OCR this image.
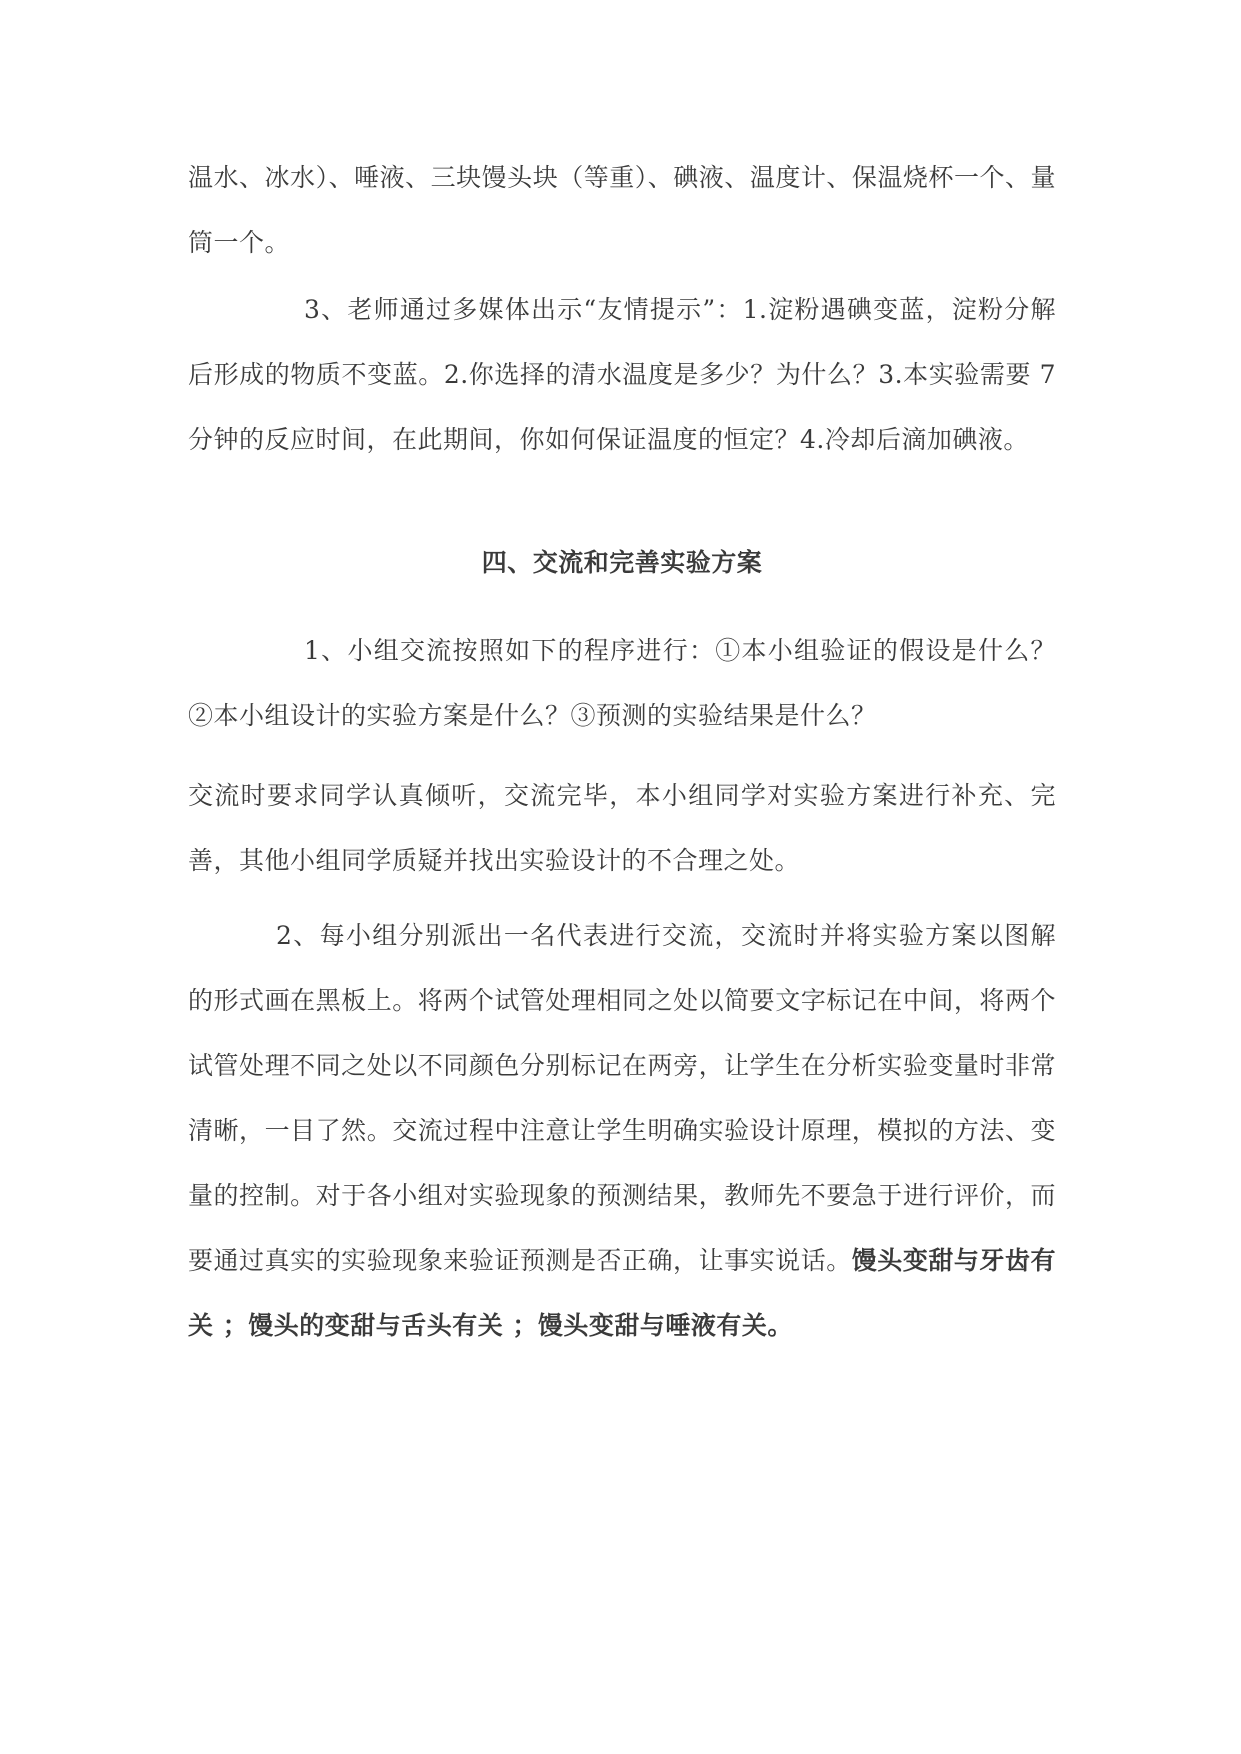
温水、冰水）、唾液、三块馒头块（等重）、碘液、温度计、保温烧杯一个、量筒一个。

3、老师通过多媒体出示“友情提示”：1.淀粉遇碘变蓝，淀粉分解后形成的物质不变蓝。2.你选择的清水温度是多少？为什么？3.本实验需要 7 分钟的反应时间，在此期间，你如何保证温度的恒定？4.冷却后滴加碘液。

四、交流和完善实验方案

1、小组交流按照如下的程序进行：①本小组验证的假设是什么？②本小组设计的实验方案是什么？③预测的实验结果是什么？

交流时要求同学认真倾听，交流完毕，本小组同学对实验方案进行补充、完善，其他小组同学质疑并找出实验设计的不合理之处。

2、每小组分别派出一名代表进行交流，交流时并将实验方案以图解的形式画在黑板上。将两个试管处理相同之处以简要文字标记在中间，将两个试管处理不同之处以不同颜色分别标记在两旁，让学生在分析实验变量时非常清晰，一目了然。交流过程中注意让学生明确实验设计原理，模拟的方法、变量的控制。对于各小组对实验现象的预测结果，教师先不要急于进行评价，而要通过真实的实验现象来验证预测是否正确，让事实说话。馒头变甜与牙齿有关 ；馒头的变甜与舌头有关 ；馒头变甜与唾液有关。
